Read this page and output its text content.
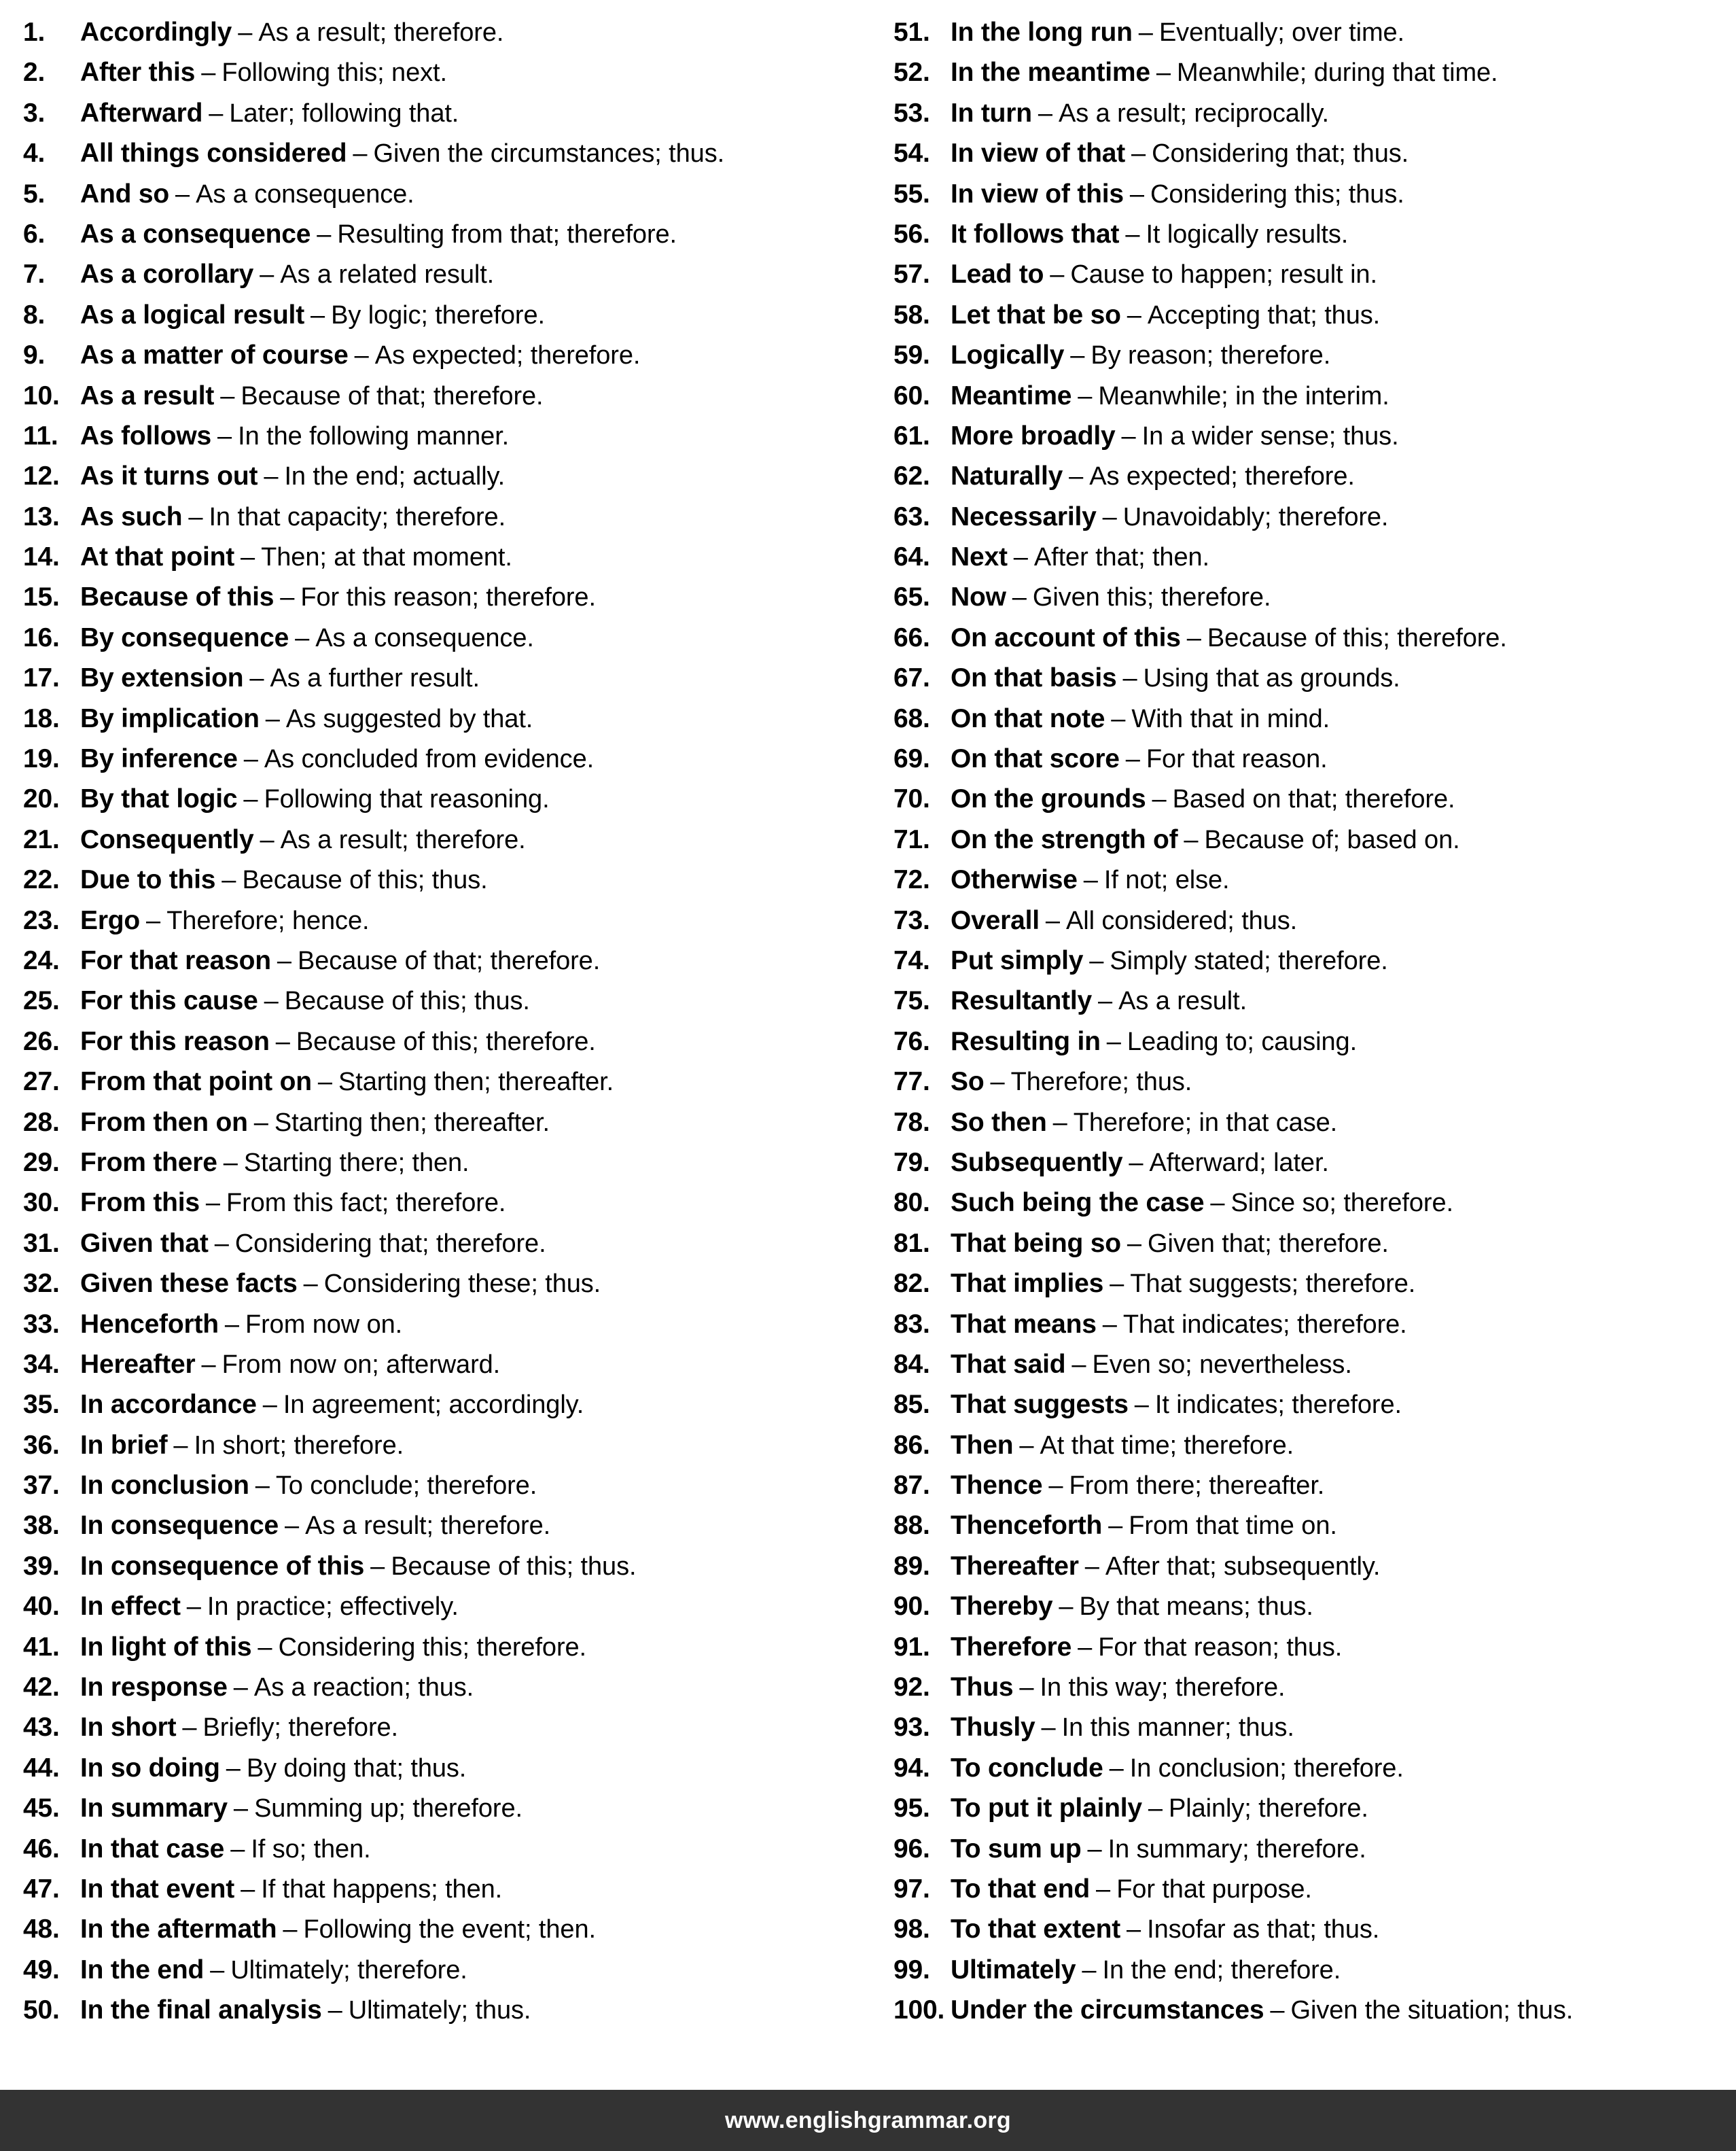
1.	Accordingly – As a result; therefore.
2.	After this – Following this; next.
3.	Afterward – Later; following that.
4.	All things considered – Given the circumstances; thus.
5.	And so – As a consequence.
6.	As a consequence – Resulting from that; therefore.
7.	As a corollary – As a related result.
8.	As a logical result – By logic; therefore.
9.	As a matter of course – As expected; therefore.
10. As a result – Because of that; therefore.
11. As follows – In the following manner.
12. As it turns out – In the end; actually.
13. As such – In that capacity; therefore.
14. At that point – Then; at that moment.
15. Because of this – For this reason; therefore.
16. By consequence – As a consequence.
17. By extension – As a further result.
18. By implication – As suggested by that.
19. By inference – As concluded from evidence.
20. By that logic – Following that reasoning.
21. Consequently – As a result; therefore.
22. Due to this – Because of this; thus.
23. Ergo – Therefore; hence.
24. For that reason – Because of that; therefore.
25. For this cause – Because of this; thus.
26. For this reason – Because of this; therefore.
27. From that point on – Starting then; thereafter.
28. From then on – Starting then; thereafter.
29. From there – Starting there; then.
30. From this – From this fact; therefore.
31. Given that – Considering that; therefore.
32. Given these facts – Considering these; thus.
33. Henceforth – From now on.
34. Hereafter – From now on; afterward.
35. In accordance – In agreement; accordingly.
36. In brief – In short; therefore.
37. In conclusion – To conclude; therefore.
38. In consequence – As a result; therefore.
39. In consequence of this – Because of this; thus.
40. In effect – In practice; effectively.
41. In light of this – Considering this; therefore.
42. In response – As a reaction; thus.
43. In short – Briefly; therefore.
44. In so doing – By doing that; thus.
45. In summary – Summing up; therefore.
46. In that case – If so; then.
47. In that event – If that happens; then.
48. In the aftermath – Following the event; then.
49. In the end – Ultimately; therefore.
50. In the final analysis – Ultimately; thus.
51. In the long run – Eventually; over time.
52. In the meantime – Meanwhile; during that time.
53. In turn – As a result; reciprocally.
54. In view of that – Considering that; thus.
55. In view of this – Considering this; thus.
56. It follows that – It logically results.
57. Lead to – Cause to happen; result in.
58. Let that be so – Accepting that; thus.
59. Logically – By reason; therefore.
60. Meantime – Meanwhile; in the interim.
61. More broadly – In a wider sense; thus.
62. Naturally – As expected; therefore.
63. Necessarily – Unavoidably; therefore.
64. Next – After that; then.
65. Now – Given this; therefore.
66. On account of this – Because of this; therefore.
67. On that basis – Using that as grounds.
68. On that note – With that in mind.
69. On that score – For that reason.
70. On the grounds – Based on that; therefore.
71. On the strength of – Because of; based on.
72. Otherwise – If not; else.
73. Overall – All considered; thus.
74. Put simply – Simply stated; therefore.
75. Resultantly – As a result.
76. Resulting in – Leading to; causing.
77. So – Therefore; thus.
78. So then – Therefore; in that case.
79. Subsequently – Afterward; later.
80. Such being the case – Since so; therefore.
81. That being so – Given that; therefore.
82. That implies – That suggests; therefore.
83. That means – That indicates; therefore.
84. That said – Even so; nevertheless.
85. That suggests – It indicates; therefore.
86. Then – At that time; therefore.
87. Thence – From there; thereafter.
88. Thenceforth – From that time on.
89. Thereafter – After that; subsequently.
90. Thereby – By that means; thus.
91. Therefore – For that reason; thus.
92. Thus – In this way; therefore.
93. Thusly – In this manner; thus.
94. To conclude – In conclusion; therefore.
95. To put it plainly – Plainly; therefore.
96. To sum up – In summary; therefore.
97. To that end – For that purpose.
98. To that extent – Insofar as that; thus.
99. Ultimately – In the end; therefore.
100. Under the circumstances – Given the situation; thus.
www.englishgrammar.org
